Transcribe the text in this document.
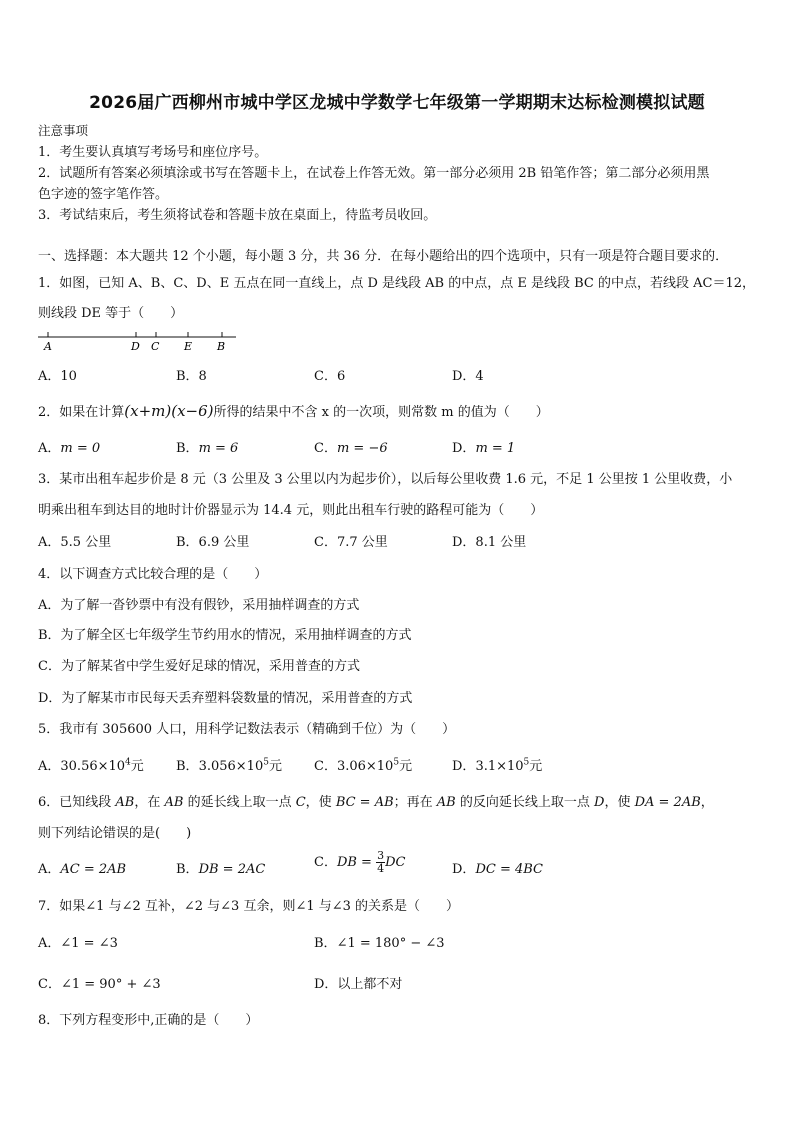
2026届广西柳州市城中学区龙城中学数学七年级第一学期期末达标检测模拟试题
注意事项
1．考生要认真填写考场号和座位序号。
2．试题所有答案必须填涂或书写在答题卡上，在试卷上作答无效。第一部分必须用 2B 铅笔作答；第二部分必须用黑
色字迹的签字笔作答。
3．考试结束后，考生须将试卷和答题卡放在桌面上，待监考员收回。
一、选择题：本大题共 12 个小题，每小题 3 分，共 36 分．在每小题给出的四个选项中，只有一项是符合题目要求的．
1．如图，已知 A、B、C、D、E 五点在同一直线上，点 D 是线段 AB 的中点，点 E 是线段 BC 的中点，若线段 AC＝12，
则线段 DE 等于（　　）
A	D C E B
A．10	B．8	C．6	D．4
2．如果在计算(x+m)(x−6)所得的结果中不含 x 的一次项，则常数 m 的值为（　　）
A．m = 0	B．m = 6	C．m = −6	D．m = 1
3．某市出租车起步价是 8 元（3 公里及 3 公里以内为起步价），以后每公里收费 1.6 元，不足 1 公里按 1 公里收费，小
明乘出租车到达目的地时计价器显示为 14.4 元，则此出租车行驶的路程可能为（　　）
A．5.5 公里	B．6.9 公里	C．7.7 公里	D．8.1 公里
4．以下调查方式比较合理的是（　　）
A．为了解一沓钞票中有没有假钞，采用抽样调查的方式
B．为了解全区七年级学生节约用水的情况，采用抽样调查的方式
C．为了解某省中学生爱好足球的情况，采用普查的方式
D．为了解某市市民每天丢弃塑料袋数量的情况，采用普查的方式
5．我市有 305600 人口，用科学记数法表示（精确到千位）为（　　）
A．$30.56\times 10^4$元 B．$3.056\times 10^5$元 C．$3.06\times 10^5$元	D．$3.1\times 10^5$元
6．已知线段 AB，在 AB 的延长线上取一点 C，使 BC = AB；再在 AB 的反向延长线上取一点 D，使 DA = 2AB，
则下列结论错误的是(　　)
A．AC = 2AB	B．DB = 2AC	C．DB = $\frac{3}{4}$ DC	D．DC = 4BC
7．如果∠1 与∠2 互补，∠2 与∠3 互余，则∠1 与∠3 的关系是（　　）
A．∠1 = ∠3	B．∠1 = 180° − ∠3
C．∠1 = 90° + ∠3	D．以上都不对
8．下列方程变形中,正确的是（　　）
